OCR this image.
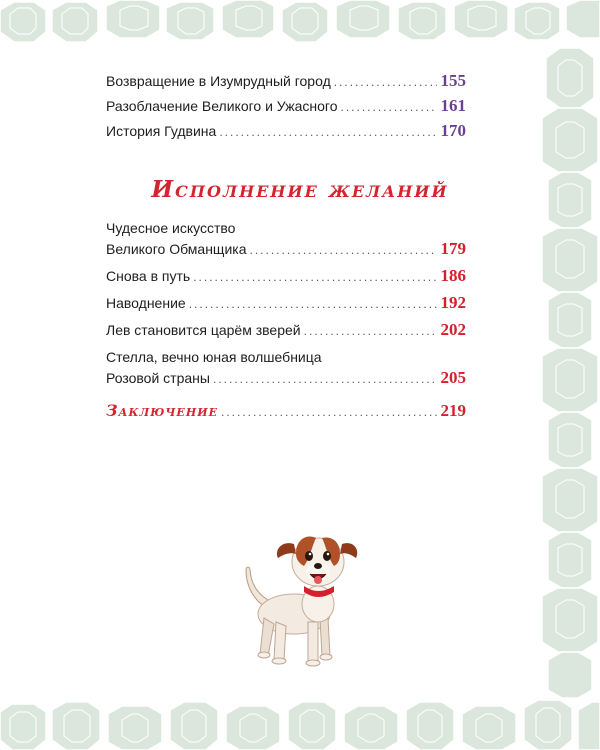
Возвращение в Изумрудный город .....	155
Разоблачение Великого и Ужасного .....	161
История Гудвина .....	170
Исполнение желаний
Чудесное искусство
Великого Обманщика .....	179
Снова в путь .....	186
Наводнение .....	192
Лев становится царём зверей .....	202
Стелла, вечно юная волшебница
Розовой страны .....	205
Заключение .....	219
